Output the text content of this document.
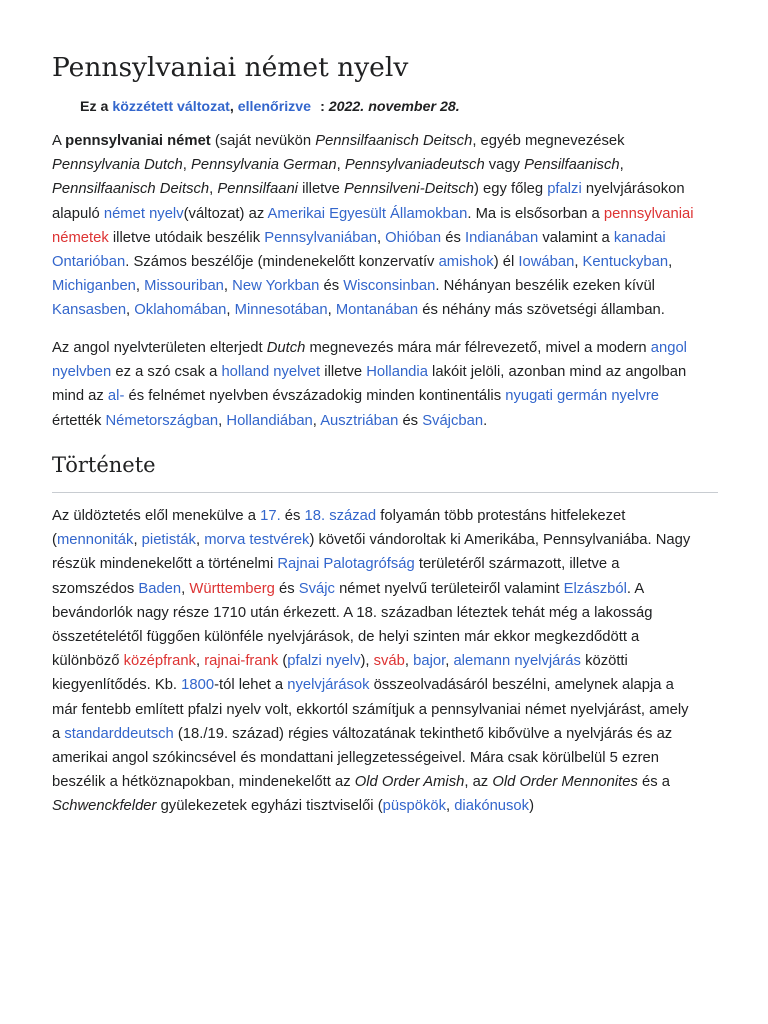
Pennsylvaniai német nyelv
Ez a közzétett változat, ellenőrizve : 2022. november 28.
A pennsylvaniai német (saját nevükön Pennsilfaanisch Deitsch, egyéb megnevezések
Pennsylvania Dutch, Pennsylvania German, Pennsylvaniadeutsch vagy Pensilfaanisch,
Pennsilfaanisch Deitsch, Pennsilfaani illetve Pennsilveni-Deitsch) egy főleg pfalzi nyelvjárásokon
alapuló német nyelv(változat) az Amerikai Egyesült Államokban. Ma is elsősorban a pennsylvaniai
németek illetve utódaik beszélik Pennsylvaniában, Ohióban és Indianában valamint a kanadai
Ontarióban. Számos beszélője (mindenekelőtt konzervatív amishok) él Iowában, Kentuckyban,
Michiganben, Missouriban, New Yorkban és Wisconsinban. Néhányan beszélik ezeken kívül
Kansasben, Oklahomában, Minnesotában, Montanában és néhány más szövetségi államban.
Az angol nyelvterületen elterjedt Dutch megnevezés mára már félrevezető, mivel a modern angol
nyelvben ez a szó csak a holland nyelvet illetve Hollandia lakóit jelöli, azonban mind az angolban
mind az al- és felnémet nyelvben évszázadokig minden kontinentális nyugati germán nyelvre
értették Németországban, Hollandiában, Ausztriában és Svájcban.
Története
Az üldöztetés elől menekülve a 17. és 18. század folyamán több protestáns hitfelekezet
(mennoniták, pietisták, morva testvérek) követői vándoroltak ki Amerikába, Pennsylvaniába. Nagy
részük mindenekelőtt a történelmi Rajnai Palotagrófság területéről származott, illetve a
szomszédos Baden, Württemberg és Svájc német nyelvű területeiről valamint Elzászból. A
bevándorlók nagy része 1710 után érkezett. A 18. században léteztek tehát még a lakosság
összetételétől függően különféle nyelvjárások, de helyi szinten már ekkor megkezdődött a
különböző középfrank, rajnai-frank (pfalzi nyelv), sváb, bajor, alemann nyelvjárás közötti
kiegyenlítődés. Kb. 1800-tól lehet a nyelvjárások összeolvadásáról beszélni, amelynek alapja a
már fentebb említett pfalzi nyelv volt, ekkortól számítjuk a pennsylvaniai német nyelvjárást, amely
a standarddeutsch (18./19. század) régies változatának tekinthető kibővülve a nyelvjárás és az
amerikai angol szókincsével és mondattani jellegzetességeivel. Mára csak körülbelül 5 ezren
beszélik a hétköznapokban, mindenekelőtt az Old Order Amish, az Old Order Mennonites és a
Schwenckfelder gyülekezetek egyházi tisztviselői (püspökök, diakónusok)
